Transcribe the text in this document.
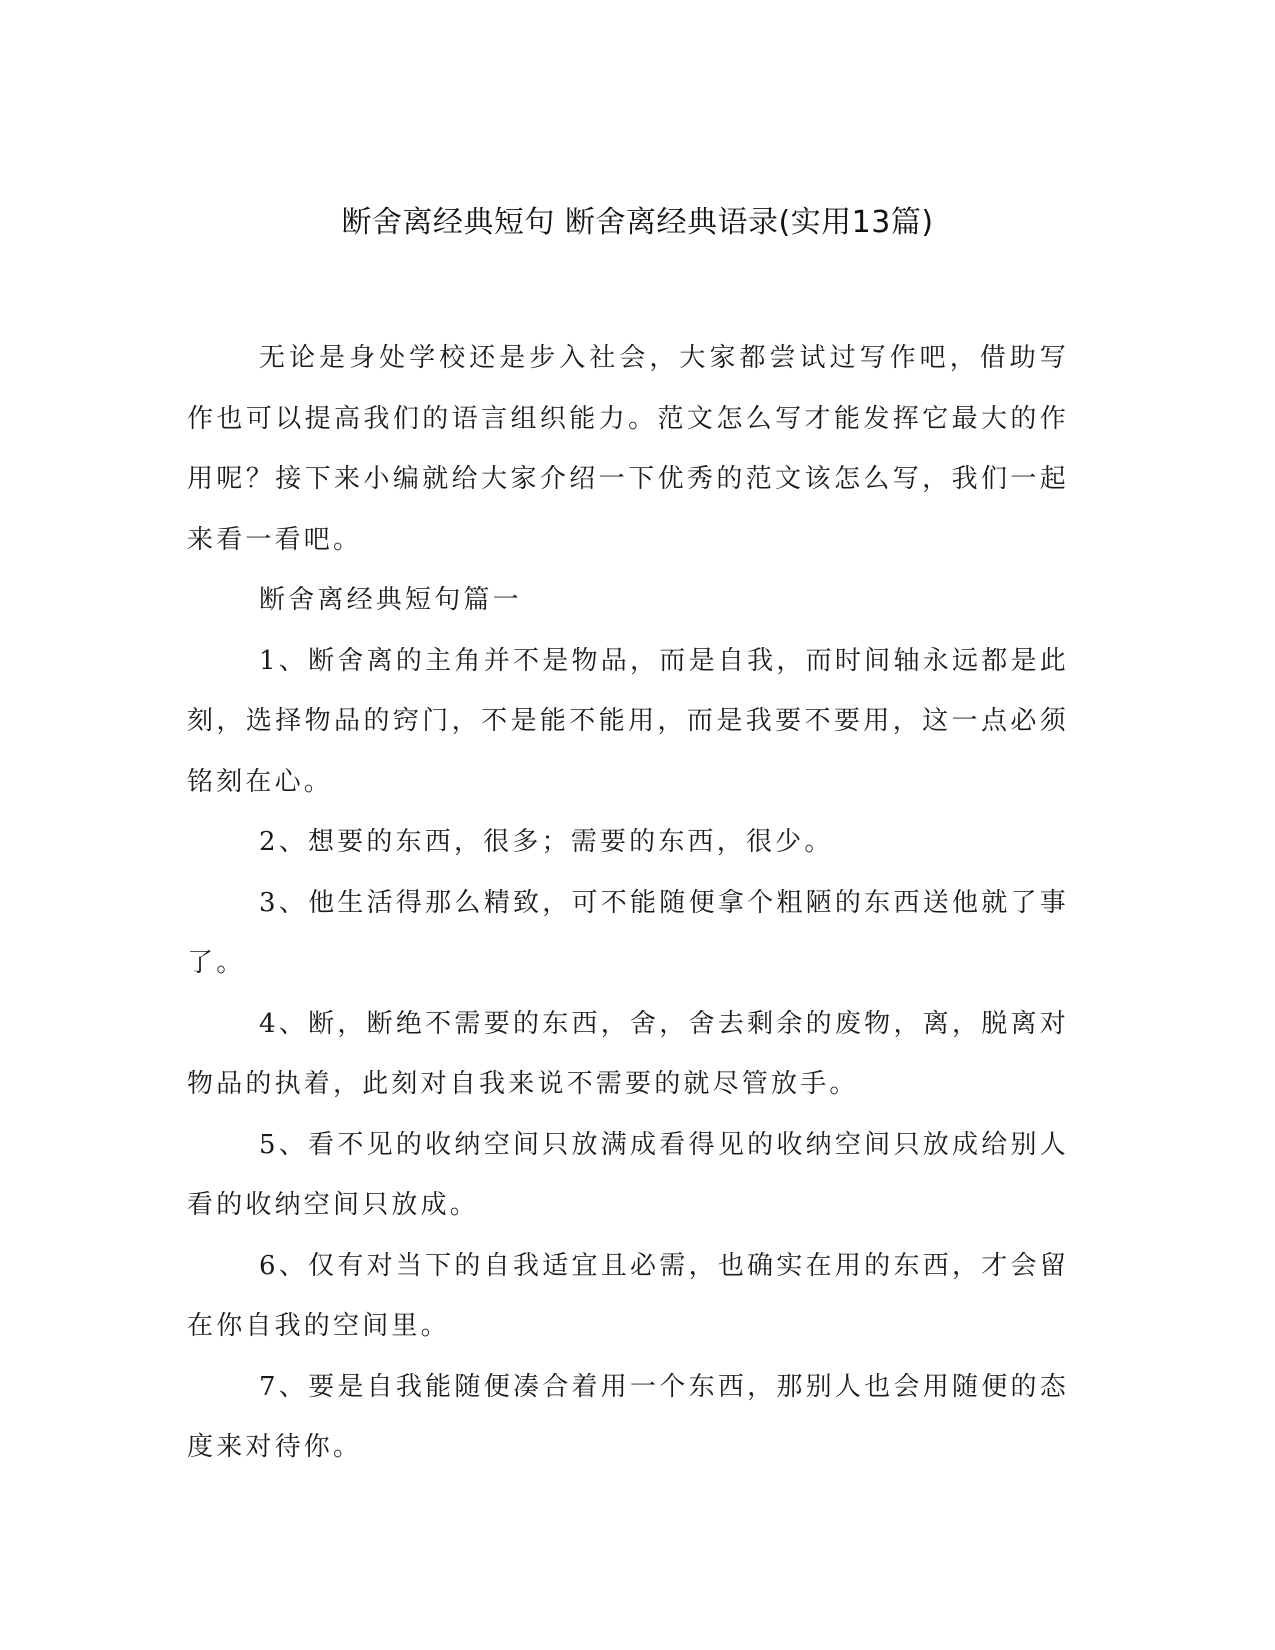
断舍离经典短句 断舍离经典语录(实用13篇)

无论是身处学校还是步入社会，大家都尝试过写作吧，借助写作也可以提高我们的语言组织能力。范文怎么写才能发挥它最大的作用呢？接下来小编就给大家介绍一下优秀的范文该怎么写，我们一起来看一看吧。

断舍离经典短句篇一

1、断舍离的主角并不是物品，而是自我，而时间轴永远都是此刻，选择物品的窍门，不是能不能用，而是我要不要用，这一点必须铭刻在心。

2、想要的东西，很多；需要的东西，很少。

3、他生活得那么精致，可不能随便拿个粗陋的东西送他就了事了。

4、断，断绝不需要的东西，舍，舍去剩余的废物，离，脱离对物品的执着，此刻对自我来说不需要的就尽管放手。

5、看不见的收纳空间只放满成看得见的收纳空间只放成给别人看的收纳空间只放成。

6、仅有对当下的自我适宜且必需，也确实在用的东西，才会留在你自我的空间里。

7、要是自我能随便凑合着用一个东西，那别人也会用随便的态度来对待你。
